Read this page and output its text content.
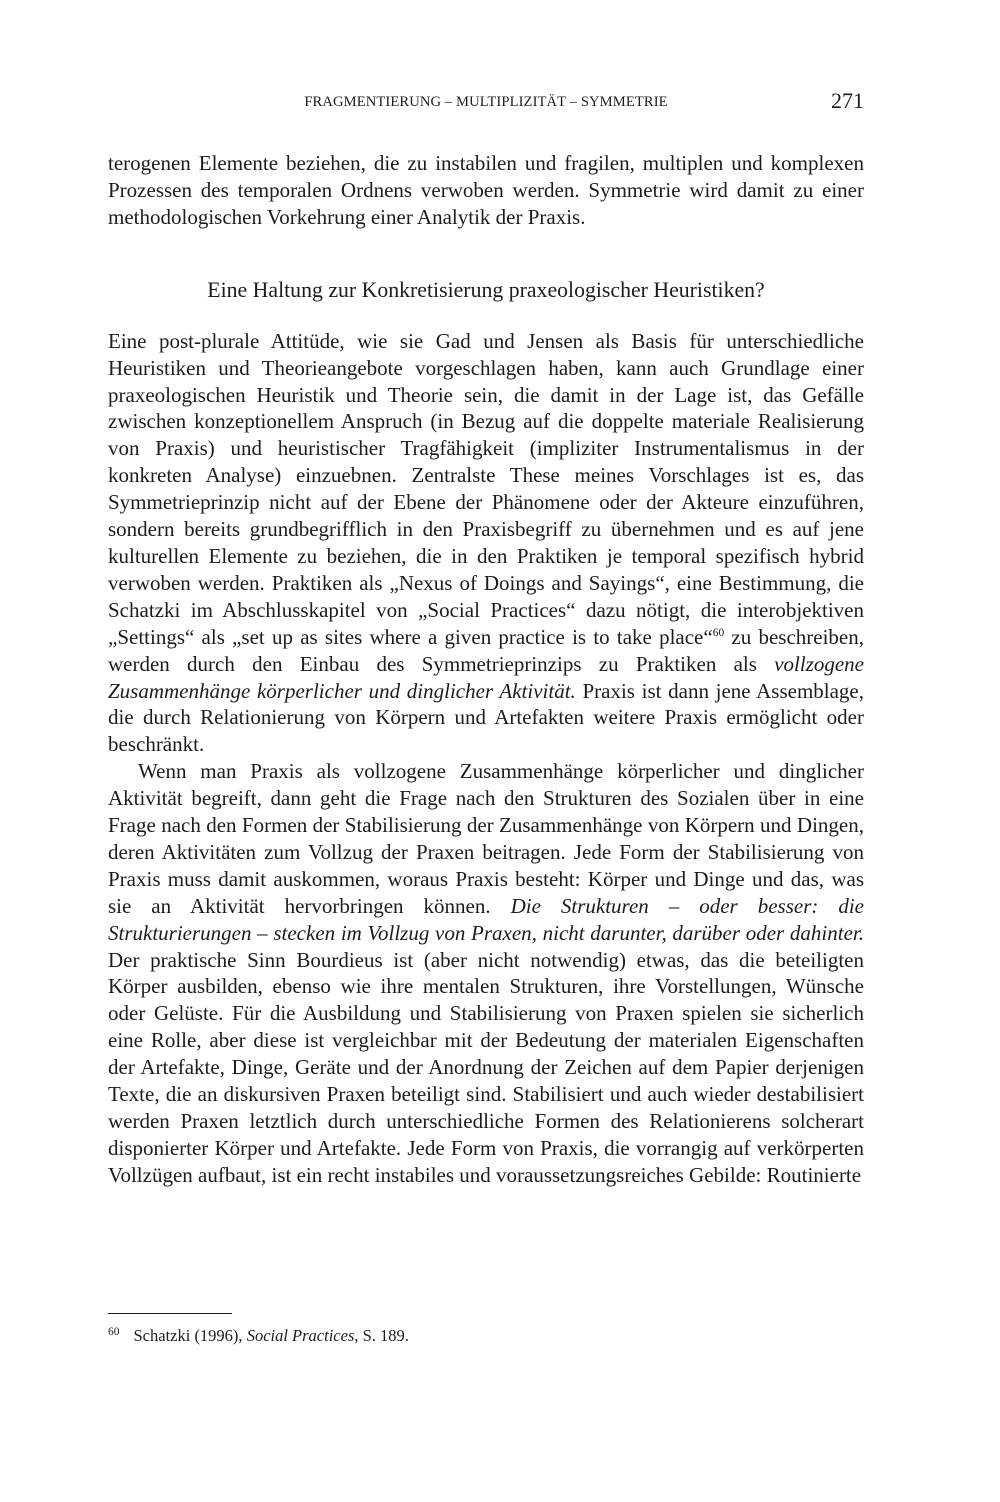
FRAGMENTIERUNG – MULTIPLIZITÄT – SYMMETRIE	271

terogenen Elemente beziehen, die zu instabilen und fragilen, multiplen und komplexen Prozessen des temporalen Ordnens verwoben werden. Symmetrie wird damit zu einer methodologischen Vorkehrung einer Analytik der Praxis.

Eine Haltung zur Konkretisierung praxeologischer Heuristiken?

Eine post-plurale Attitüde, wie sie Gad und Jensen als Basis für unterschiedliche Heuristiken und Theorieangebote vorgeschlagen haben, kann auch Grundlage einer praxeologischen Heuristik und Theorie sein, die damit in der Lage ist, das Gefälle zwischen konzeptionellem Anspruch (in Bezug auf die doppelte materiale Realisierung von Praxis) und heuristischer Tragfähigkeit (impliziter Instrumentalismus in der konkreten Analyse) einzuebnen. Zentralste These meines Vorschlages ist es, das Symmetrieprinzip nicht auf der Ebene der Phänomene oder der Akteure einzuführen, sondern bereits grundbegrifflich in den Praxisbegriff zu übernehmen und es auf jene kulturellen Elemente zu beziehen, die in den Praktiken je temporal spezifisch hybrid verwoben werden. Praktiken als „Nexus of Doings and Sayings“, eine Bestimmung, die Schatzki im Abschlusskapitel von „Social Practices“ dazu nötigt, die interobjektiven „Settings“ als „set up as sites where a given practice is to take place“$^{60}$ zu beschreiben, werden durch den Einbau des Symmetrieprinzips zu Praktiken als vollzogene Zusammenhänge körperlicher und dinglicher Aktivität. Praxis ist dann jene Assemblage, die durch Relationierung von Körpern und Artefakten weitere Praxis ermöglicht oder beschränkt.

Wenn man Praxis als vollzogene Zusammenhänge körperlicher und dinglicher Aktivität begreift, dann geht die Frage nach den Strukturen des Sozialen über in eine Frage nach den Formen der Stabilisierung der Zusammenhänge von Körpern und Dingen, deren Aktivitäten zum Vollzug der Praxen beitragen. Jede Form der Stabilisierung von Praxis muss damit auskommen, woraus Praxis besteht: Körper und Dinge und das, was sie an Aktivität hervorbringen können. Die Strukturen – oder besser: die Strukturierungen – stecken im Vollzug von Praxen, nicht darunter, darüber oder dahinter. Der praktische Sinn Bourdieus ist (aber nicht notwendig) etwas, das die beteiligten Körper ausbilden, ebenso wie ihre mentalen Strukturen, ihre Vorstellungen, Wünsche oder Gelüste. Für die Ausbildung und Stabilisierung von Praxen spielen sie sicherlich eine Rolle, aber diese ist vergleichbar mit der Bedeutung der materialen Eigenschaften der Artefakte, Dinge, Geräte und der Anordnung der Zeichen auf dem Papier derjenigen Texte, die an diskursiven Praxen beteiligt sind. Stabilisiert und auch wieder destabilisiert werden Praxen letztlich durch unterschiedliche Formen des Relationierens solcherart disponierter Körper und Artefakte. Jede Form von Praxis, die vorrangig auf verkörperten Vollzügen aufbaut, ist ein recht instabiles und voraussetzungsreiches Gebilde: Routinierte

$^{60}$ Schatzki (1996), Social Practices, S. 189.
